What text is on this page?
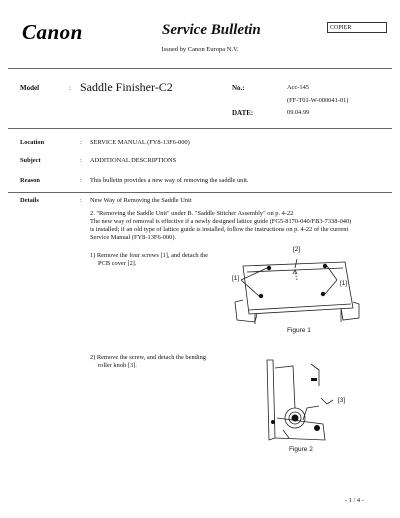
Canon	Service Bulletin	COPIER
Issued by Canon Europa N.V.
Model	: Saddle Finisher-C2	No.:	Acc-145
(FF-T01-W-000041-01)
DATE:	09.04.99
Location	: SERVICE MANUAL (FY8-13F6-000)
Subject	: ADDITIONAL DESCRIPTIONS
Reason	: This bulletin provides a new way of removing the saddle unit.
Details	: New Way of Removing the Saddle Unit
2. "Removing the Saddle Unit" under B. "Saddle Stitcher Assembly" on p. 4-22
The new way of removal is effective if a newly designed lattice guide (FG5-8170-040/FB3-7338-040)
is installed; if an old type of lattice guide is installed, follow the instructions on p. 4-22 of the current
Service Manual (FY8-13F6-000).
1) Remove the four screws [1], and detach the
PCB cover [2].
[2]
[1]
[1]
Figure 1
2) Remove the screw, and detach the bending
roller knob [3].
[3]
Figure 2
- 1 / 4 -
